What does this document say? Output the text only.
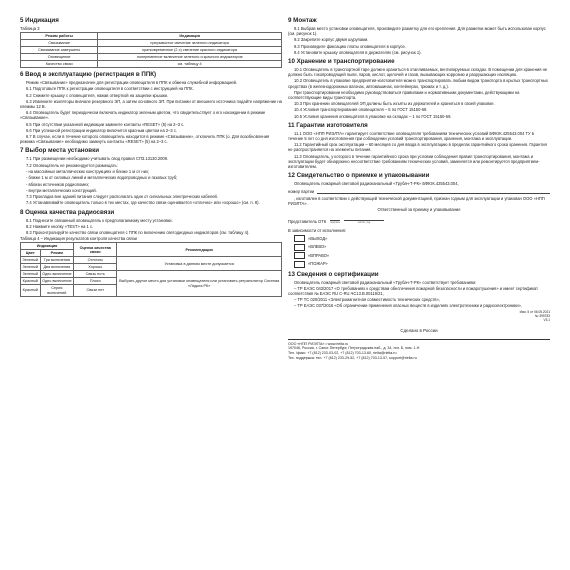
5 Индикация
Таблица 3
Режим работы	Индикация
Связывание	прерывистое свечение зеленого индикатора
Связывание завершено	кратковременное (2 с) свечение красного индикатора
Оповещение	попеременное включение зеленого и красного индикаторов
Качество связи	см. таблицу 4
6 Ввод в эксплуатацию (регистрация в ППК)

Режим «Связывание» предназначен для регистрации оповещателя в ППК и обмена служебной информацией.

6.1 Подготовьте ППК к регистрации оповещателя в соответствии с инструкцией на ППК.

6.2 Снимите крышку с оповещателя, нажав отверткой на защелки крышки.

6.3 Извлеките изоляторы вначале резервного ЭП, а затем основного ЭП. При питании от внешнего источника подайте напряжение на клеммы 12 В.

6.4 Оповещатель будет периодически включать индикатор зеленым цветом, что свидетельствует о его нахождении в режиме «Связывание».

6.5 При отсутствии указанной индикации замкните контакты «RESET» (5) на 2–3 с.

6.6 При успешной регистрации индикатор включится красным цветом на 2–3 с.

6.7 В случае, если в течение которого оповещатель находится в режиме «Связывание», отключить ППК (о. Для возобновления режима «Связывание» необходимо замкнуть контакты «RESET» (5) на 2–3 с.

7 Выбор места установки

7.1 При размещении необходимо учитывать свод правил СП3.13130.2009.

7.2 Оповещатель не рекомендуется размещать:

- на массивных металлических конструкциях и ближе 1 м от них;

- ближе 1 м от силовых линий и металлических водопроводных и газовых труб;

- вблизи источников радиопомех;

- внутри металлических конструкций.

7.3 Прокладка вне зданий питания следует располагать один от сигнальных электрических кабелей.

7.4 Устанавливайте оповещатель только в тех местах, где качество связи оценивается «отлично» или «хорошо» (см. п. 8).

8 Оценка качества радиосвязи

8.1 Поднесите связанный оповещатель к предполагаемому месту установки.

8.2 Нажмите кнопку «TEST» на 1 с.

8.3 Проконтролируйте качество связи оповещателя с ППК по включению светодиодных индикаторов (см. таблицу 4).

Таблица 4 – Индикация результатов контроля качества связи
Индикация		Оценка качества связи	Рекомендации
Цвет	Режим		
Зеленый	Три включения	Отлично	Установка в данном месте допускается
Зеленый	Два включения	Хорошо	
Зеленый	Одно включение	Связь есть	Выбрать другое место для установки оповещателя или установить ретранслятор Система «Ладога РК»
Красный	Одно включение	Плохо	
Красный	Серия включений	Связи нет	
9 Монтаж

9.1 Выбрав место установки оповещателя, произведите разметку для его крепления. Для разметки может быть использован корпус (см. рисунок 1).

9.2 Закрепите корпус двумя шурупами.

9.3 Произведите фиксацию платы оповещателя в корпусе.

9.4 Установите крышку оповещателя в держателях (см. рисунок 1).

10 Хранение и транспортирование

10.1 Оповещатель в транспортной таре должен храниться в отапливаемых, вентилируемых складах. В помещении для хранения не должно быть токопроводящей пыли, паров, кислот, щелочей и газов, вызывающих коррозию и разрушающих изоляцию.

10.2 Оповещатель в упаковке предприятия-изготовителя можно транспортировать любым видом транспорта в крытых транспортных средствах (в железнодорожных вагонах, автомашинах, контейнерах, трюмах и т. д.).

При транспортировании необходимо руководствоваться правилами и нормативными документами, действующими на соответствующие виды транспорта.

10.3 При хранении оповещателей ЭП должны быть изъяты из держателей и храниться в своей упаковке.

10.4 Условия транспортирования оповещателя – 5 по ГОСТ 15150-69.

10.5 Условия хранения оповещателя в упаковке на складах – 1 по ГОСТ 15150-69.

11 Гарантии изготовителя

11.1 ООО «НПП РИЭЛТА» гарантирует соответствие оповещателя требованиям технических условий БФЮК.425543.004 ТУ в течение 5 лет со дня изготовления при соблюдении условий транспортирования, хранения, монтажа и эксплуатации.

11.2 Гарантийный срок эксплуатации – 60 месяцев со дня ввода в эксплуатацию в пределах гарантийного срока хранения. Гарантия не распространяется на элементы питания.

11.3 Оповещатель, у которого в течение гарантийного срока при условии соблюдения правил транспортирования, монтажа и эксплуатации будет обнаружено несоответствие требованиям технических условий, заменяется или ремонтируется предприятием-изготовителем.

12 Свидетельство о приемке и упаковывании

Оповещатель пожарный световой радиоканальный «Трубач-Т-РК» БФЮК.425543.004,

номер партии

, изготовлен в соответствии с действующей технической документацией, признан годным для эксплуатации и упакован ООО «НПП РИЭЛТА».

Ответственный за приемку и упаковывание

Представитель ОТК подпись	число, год

В зависимости от исполнения:

«ВЫХОД»
«ВЛЕВО»
«ВПРАВО»
«ПОЖАР»
13 Сведения о сертификации

Оповещатель пожарный световой радиоканальный «Трубач-Т-РК» соответствует требованиям:

– ТР ЕАЭС 043/2017 «О требованиях к средствам обеспечения пожарной безопасности и пожаротушения» и имеет сертификат соответствия № ЕАЭС RU C-RU.ЧС13.В.00119/21,

– ТР ТС 020/2011 «Электромагнитная совместимость технических средств»,

– ТР ЕАЭС 037/2016 «Об ограничении применения опасных веществ в изделиях электротехники и радиоэлектроники».

Изм. 5 от 06.05.2021
№ 399783
V3.1
Сделано в России
ООО «НПП РИЭЛТА» • www.rielta.ru
197046, Россия, г. Санкт-Петербург, Петроградская наб., д. 34, лит. Б, пом. 1-Н
Тел. /факс: +7 (812) 233-03-02, +7 (812) 703-13-60, rielta@rielta.ru
Тех. поддержка: тел. +7 (812) 233-29-52, +7 (812) 703-13-57, support@rielta.ru
